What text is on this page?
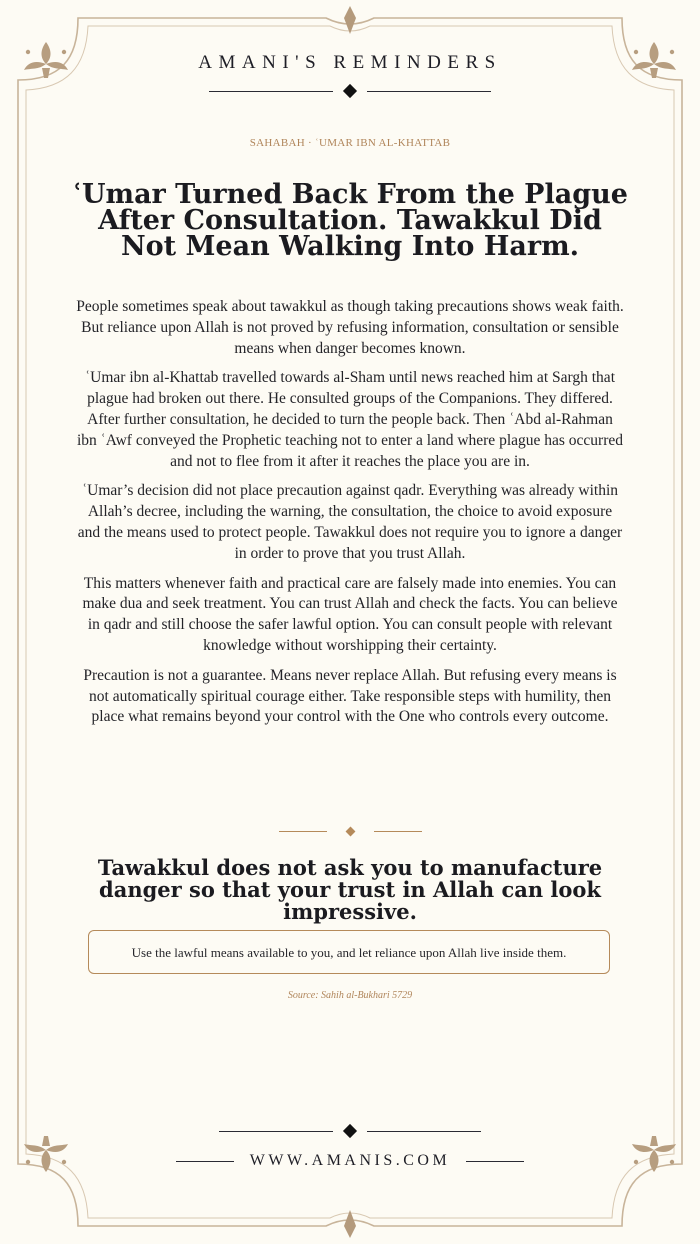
AMANI'S REMINDERS
SAHABAH · ʿUMAR IBN AL-KHATTAB
ʿUmar Turned Back From the Plague After Consultation. Tawakkul Did Not Mean Walking Into Harm.

People sometimes speak about tawakkul as though taking precautions shows weak faith. But reliance upon Allah is not proved by refusing information, consultation or sensible means when danger becomes known.

ʿUmar ibn al-Khattab travelled towards al-Sham until news reached him at Sargh that plague had broken out there. He consulted groups of the Companions. They differed. After further consultation, he decided to turn the people back. Then ʿAbd al-Rahman ibn ʿAwf conveyed the Prophetic teaching not to enter a land where plague has occurred and not to flee from it after it reaches the place you are in.

ʿUmar’s decision did not place precaution against qadr. Everything was already within Allah’s decree, including the warning, the consultation, the choice to avoid exposure and the means used to protect people. Tawakkul does not require you to ignore a danger in order to prove that you trust Allah.

This matters whenever faith and practical care are falsely made into enemies. You can make dua and seek treatment. You can trust Allah and check the facts. You can believe in qadr and still choose the safer lawful option. You can consult people with relevant knowledge without worshipping their certainty.

Precaution is not a guarantee. Means never replace Allah. But refusing every means is not automatically spiritual courage either. Take responsible steps with humility, then place what remains beyond your control with the One who controls every outcome.

Tawakkul does not ask you to manufacture danger so that your trust in Allah can look impressive.
Use the lawful means available to you, and let reliance upon Allah live inside them.
Source: Sahih al-Bukhari 5729
WWW.AMANIS.COM
